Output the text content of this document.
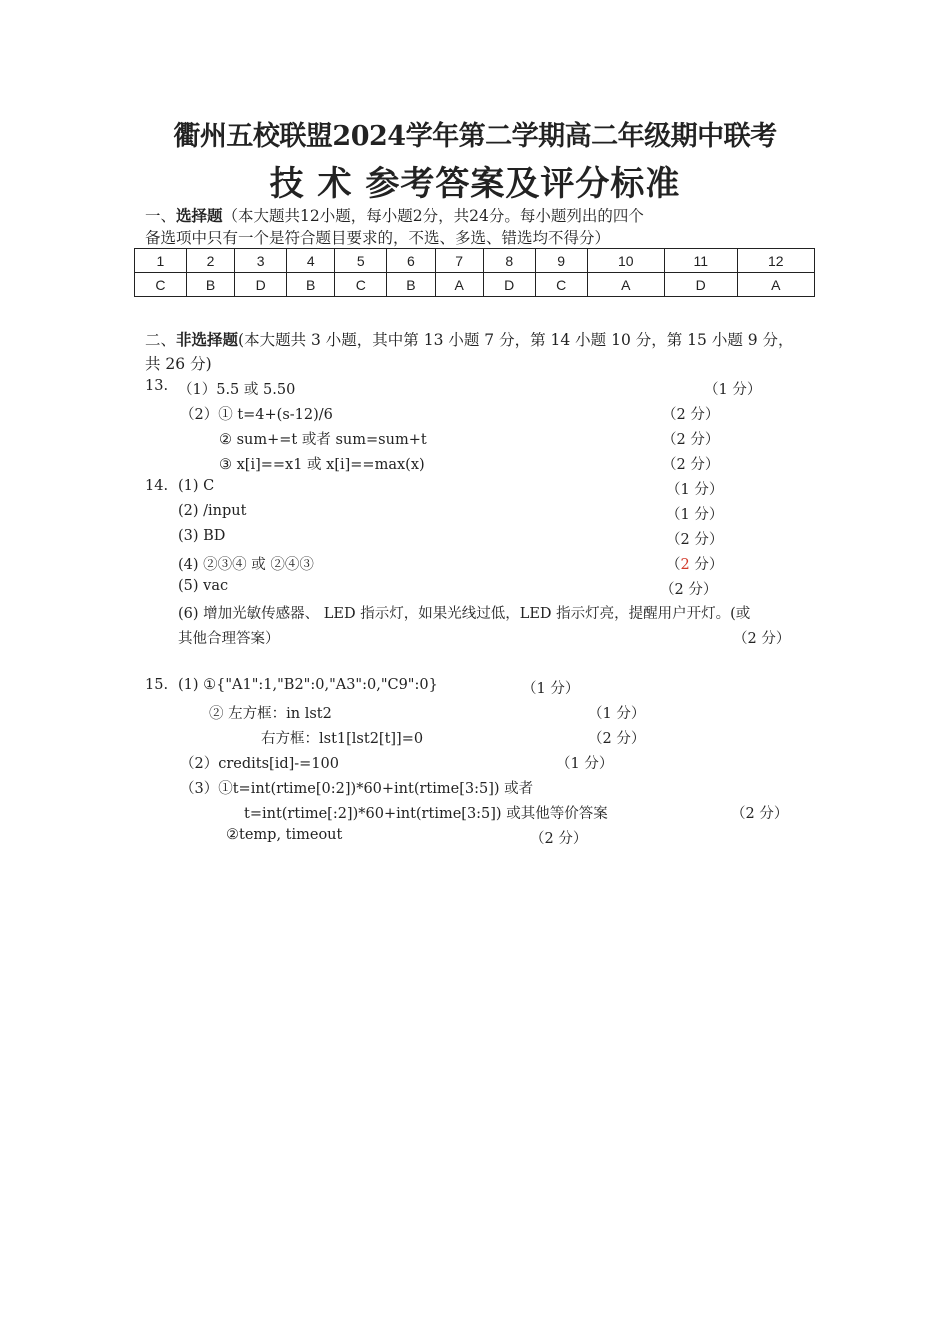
衢州五校联盟2024学年第二学期高二年级期中联考
技 术 参考答案及评分标准
一、选择题（本大题共12小题，每小题2分，共24分。每小题列出的四个
备选项中只有一个是符合题目要求的，不选、多选、错选均不得分）
1	2	3	4	5	6	7	8	9	10	11	12
C	B	D	B	C	B	A	D	C	A	D	A
二、非选择题(本大题共 3 小题，其中第 13 小题 7 分，第 14 小题 10 分，第 15 小题 9 分，
共 26 分)
13. （1）5.5 或 5.50	（1 分）
（2）① t=4+(s-12)/6	（2 分）
② sum+=t 或者 sum=sum+t	（2 分）
③ x[i]==x1 或 x[i]==max(x)	（2 分）
14. (1) C	（1 分）
(2) /input	（1 分）
(3) BD	（2 分）
(4) ②③④ 或 ②④③	（2 分）
(5) vac	（2 分）
(6) 增加光敏传感器、 LED 指示灯，如果光线过低，LED 指示灯亮，提醒用户开灯。(或
其他合理答案）	（2 分）
15. (1) ①{"A1":1,"B2":0,"A3":0,"C9":0}	（1 分）
② 左方框：in lst2	（1 分）
右方框：lst1[lst2[t]]=0	（2 分）
（2）credits[id]-=100	（1 分）
（3）①t=int(rtime[0:2])*60+int(rtime[3:5]) 或者
t=int(rtime[:2])*60+int(rtime[3:5]) 或其他等价答案	（2 分）
②temp, timeout	（2 分）
